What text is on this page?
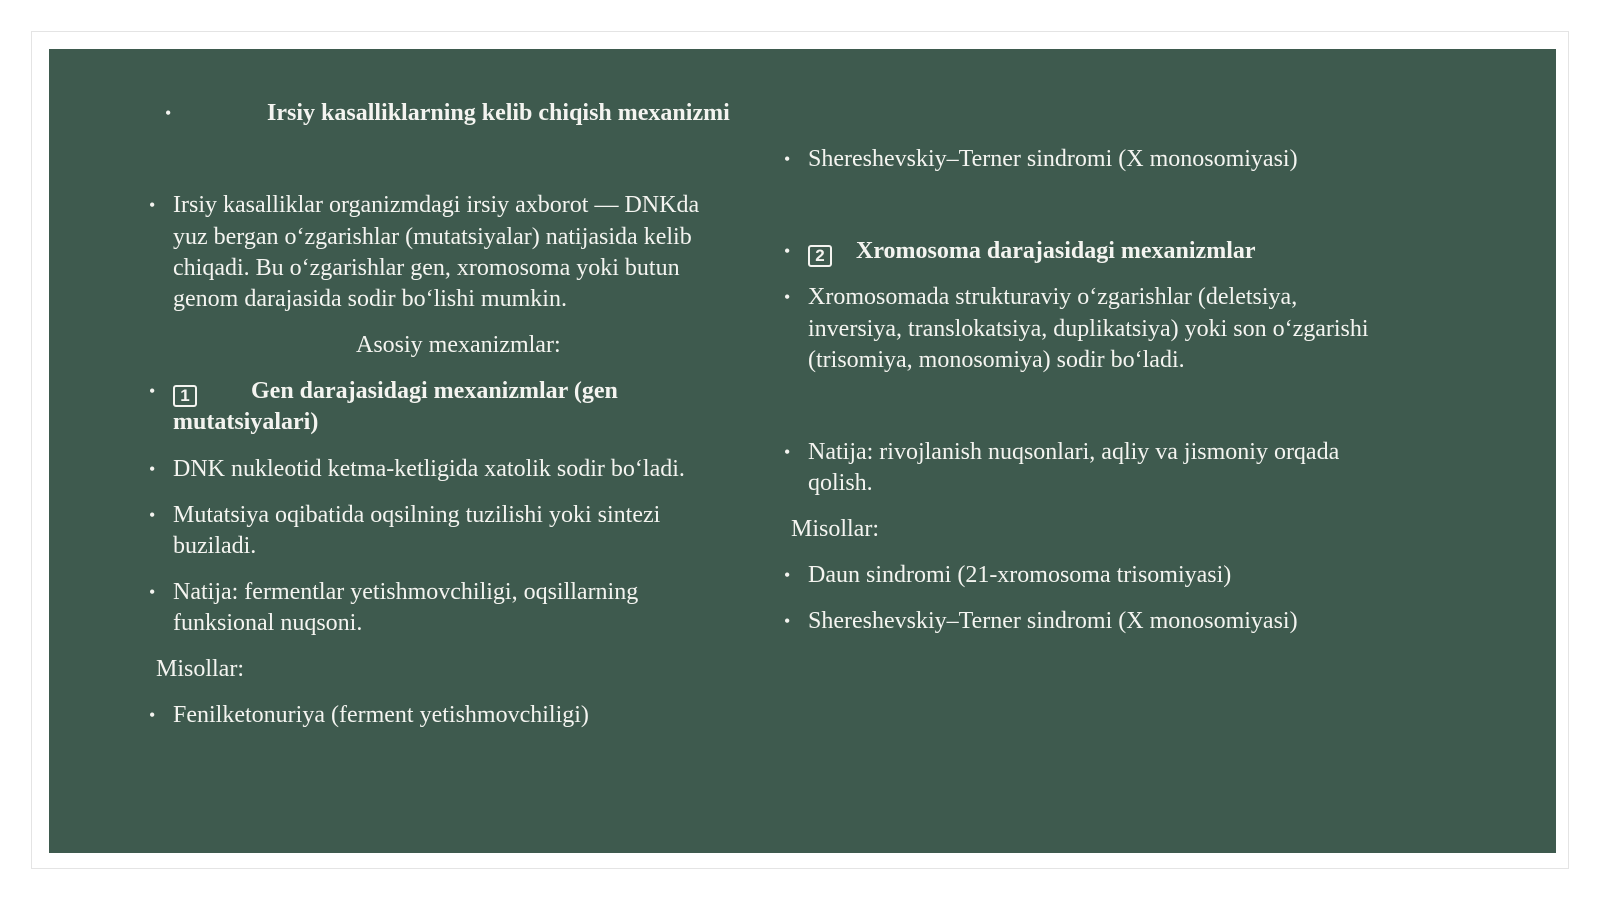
•	Irsiy kasalliklarning kelib chiqish mexanizmi
• Irsiy kasalliklar organizmdagi irsiy axborot — DNKda
yuz bergan o‘zgarishlar (mutatsiyalar) natijasida kelib
chiqadi. Bu o‘zgarishlar gen, xromosoma yoki butun
genom darajasida sodir bo‘lishi mumkin.
Asosiy mexanizmlar:
•	1	Gen darajasidagi mexanizmlar (gen
mutatsiyalari)
• DNK nukleotid ketma-ketligida xatolik sodir bo‘ladi.
• Mutatsiya oqibatida oqsilning tuzilishi yoki sintezi
buziladi.
• Natija: fermentlar yetishmovchiligi, oqsillarning
funksional nuqsoni.
Misollar:
• Fenilketonuriya (ferment yetishmovchiligi)
• Shereshevskiy–Terner sindromi (X monosomiyasi)
•	2	Xromosoma darajasidagi mexanizmlar
• Xromosomada strukturaviy o‘zgarishlar (deletsiya,
inversiya, translokatsiya, duplikatsiya) yoki son o‘zgarishi
(trisomiya, monosomiya) sodir bo‘ladi.
• Natija: rivojlanish nuqsonlari, aqliy va jismoniy orqada
qolish.
Misollar:
• Daun sindromi (21-xromosoma trisomiyasi)
• Shereshevskiy–Terner sindromi (X monosomiyasi)
